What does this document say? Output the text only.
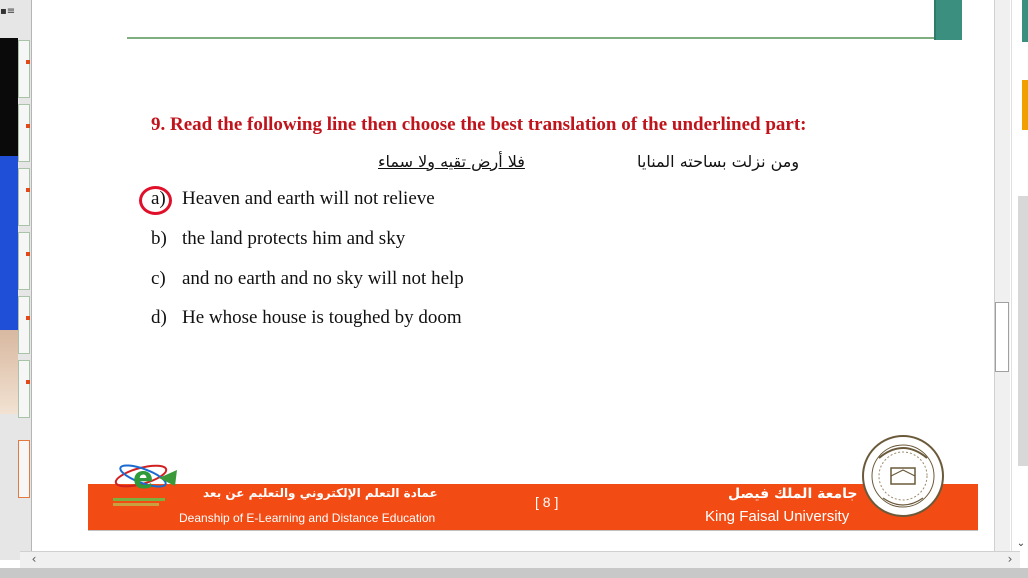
▪≡
9. Read the following line then choose the best translation of the underlined part:
ومن نزلت بساحته المنايا
فلا أرض تقيه ولا سماء
a) Heaven and earth will not relieve
b) the land protects him and sky
c) and no earth and no sky will not help
d) He whose house is toughed by doom
جامعة الملك فيصل
King Faisal University
[ 8 ]
عمادة التعلم الإلكتروني والتعليم عن بعد
Deanship of E-Learning and Distance Education
e
⌄
‹	›
